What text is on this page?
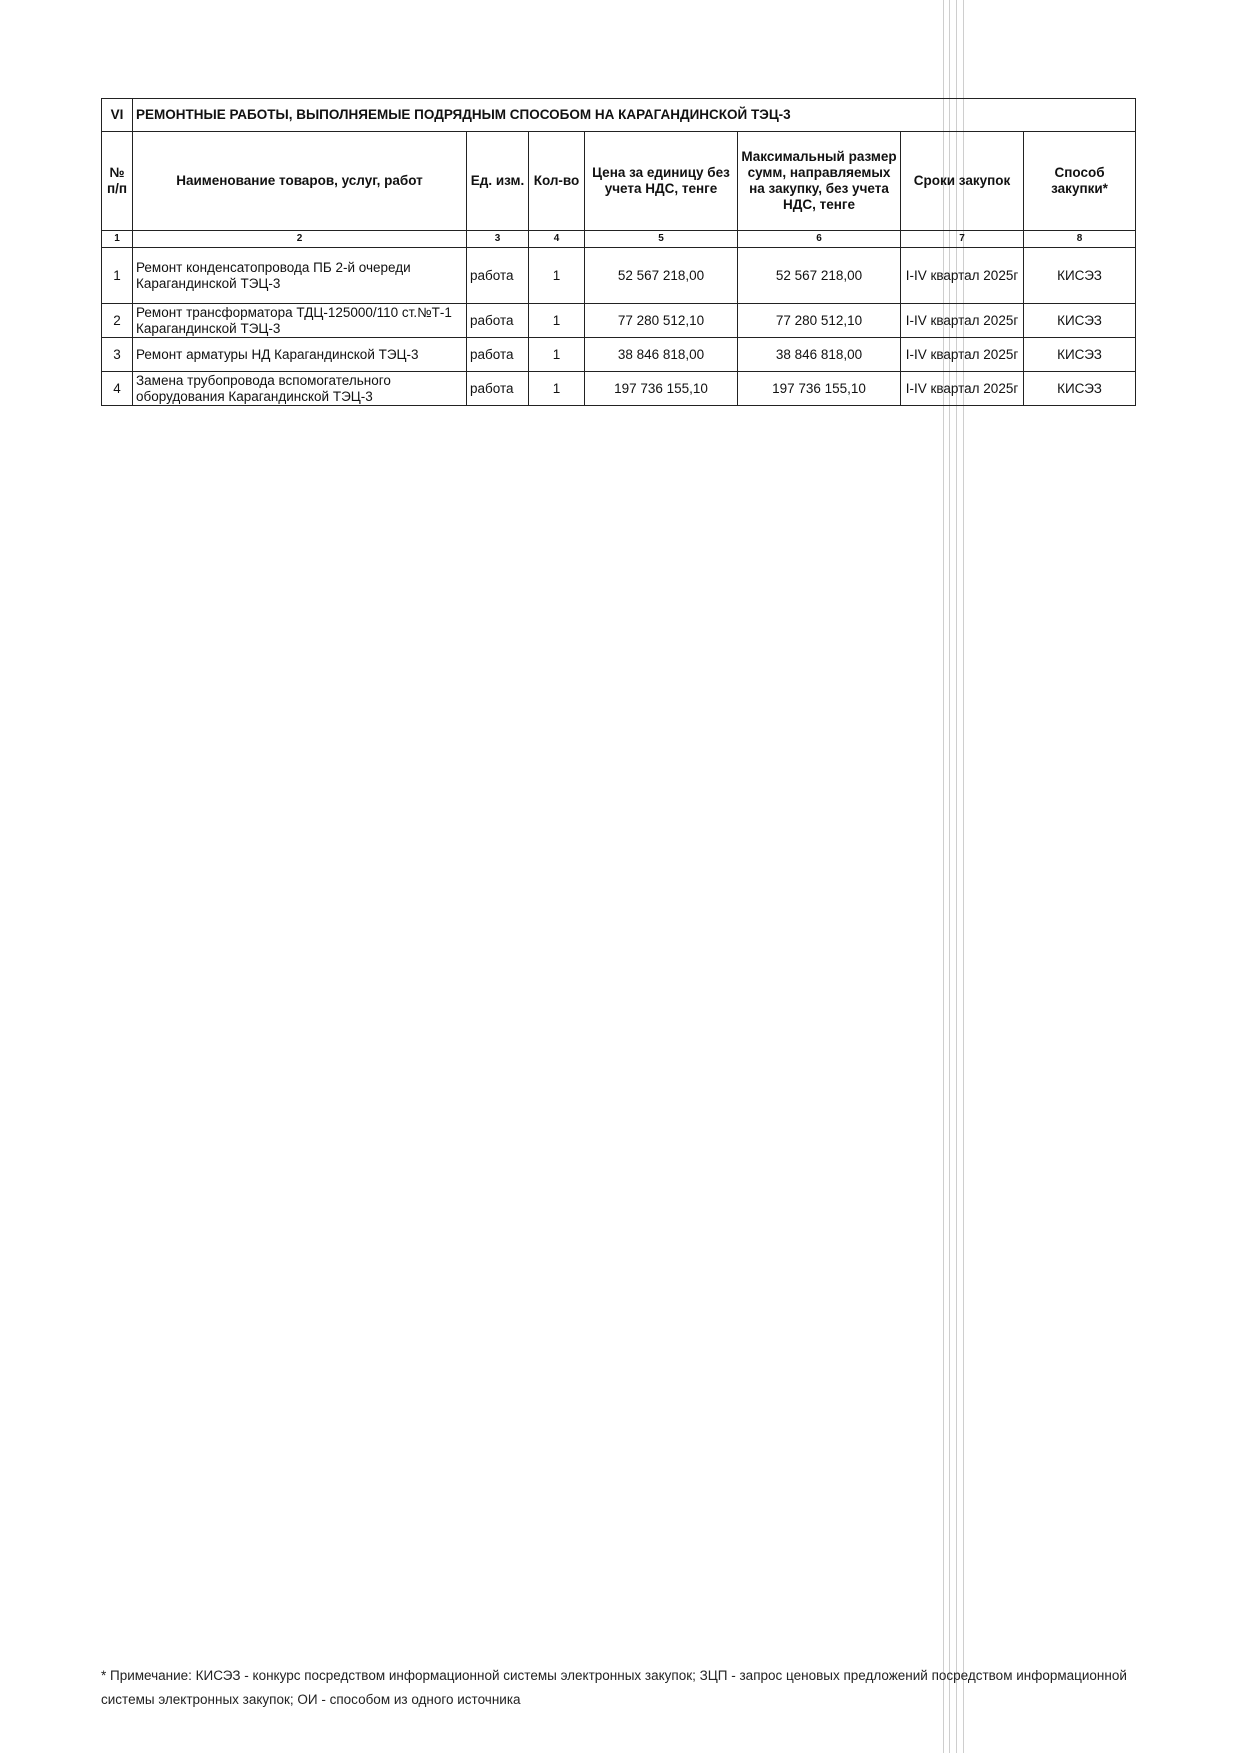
VI	РЕМОНТНЫЕ РАБОТЫ, ВЫПОЛНЯЕМЫЕ ПОДРЯДНЫМ СПОСОБОМ НА КАРАГАНДИНСКОЙ ТЭЦ-3						
№ п/п	Наименование товаров, услуг, работ	Ед. изм.	Кол-во	Цена за единицу без учета НДС, тенге	Максимальный размер сумм, направляемых на закупку, без учета НДС, тенге	Сроки закупок	Способ закупки*
1	2	3	4	5	6	7	8
1	Ремонт конденсатопровода ПБ 2-й очереди Карагандинской ТЭЦ-3	работа	1	52 567 218,00	52 567 218,00	I-IV квартал 2025г	КИСЭЗ
2	Ремонт трансформатора ТДЦ-125000/110 ст.№Т-1 Карагандинской ТЭЦ-3	работа	1	77 280 512,10	77 280 512,10	I-IV квартал 2025г	КИСЭЗ
3	Ремонт арматуры НД Карагандинской ТЭЦ-3	работа	1	38 846 818,00	38 846 818,00	I-IV квартал 2025г	КИСЭЗ
4	Замена трубопровода вспомогательного оборудования Карагандинской ТЭЦ-3	работа	1	197 736 155,10	197 736 155,10	I-IV квартал 2025г	КИСЭЗ
* Примечание: КИСЭЗ - конкурс посредством информационной системы электронных закупок; ЗЦП - запрос ценовых предложений посредством информационной системы электронных закупок; ОИ - способом из одного источника
